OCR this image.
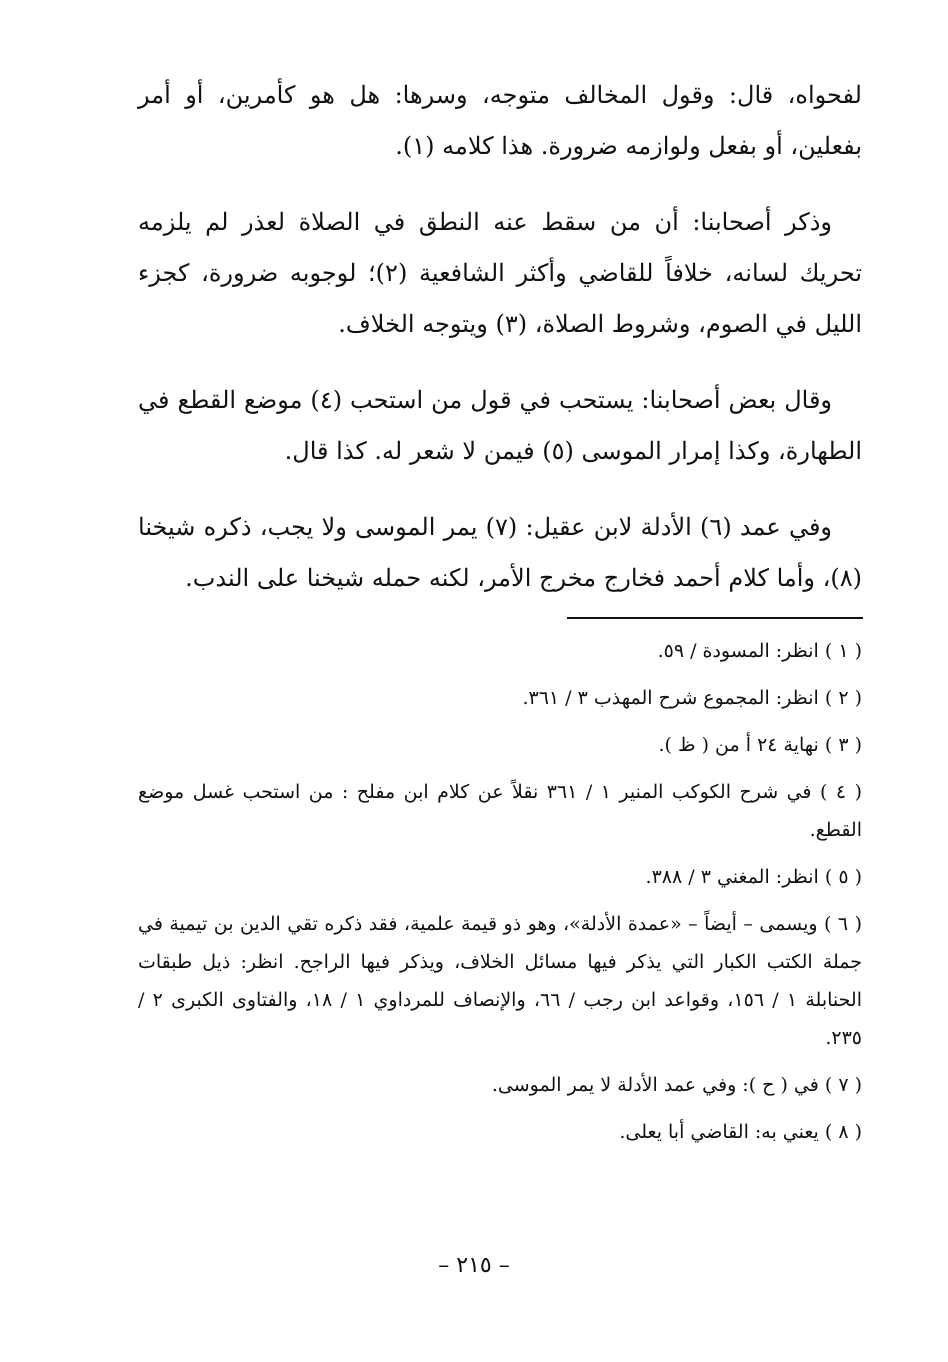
لفحواه، قال: وقول المخالف متوجه، وسرها: هل هو كأمرين، أو أمر بفعلين، أو بفعل ولوازمه ضرورة. هذا كلامه (١).

وذكر أصحابنا: أن من سقط عنه النطق في الصلاة لعذر لم يلزمه تحريك لسانه، خلافاً للقاضي وأكثر الشافعية (٢)؛ لوجوبه ضرورة، كجزء الليل في الصوم، وشروط الصلاة، (٣) ويتوجه الخلاف.

وقال بعض أصحابنا: يستحب في قول من استحب (٤) موضع القطع في الطهارة، وكذا إمرار الموسى (٥) فيمن لا شعر له. كذا قال.

وفي عمد (٦) الأدلة لابن عقيل: (٧) يمر الموسى ولا يجب، ذكره شيخنا (٨)، وأما كلام أحمد فخارج مخرج الأمر، لكنه حمله شيخنا على الندب.

( ١ ) انظر: المسودة / ٥٩.
( ٢ ) انظر: المجموع شرح المهذب ٣ / ٣٦١.
( ٣ ) نهاية ٢٤ أ من ( ظ ).
( ٤ ) في شرح الكوكب المنير ١ / ٣٦١ نقلاً عن كلام ابن مفلح : من استحب غسل موضع القطع.
( ٥ ) انظر: المغني ٣ / ٣٨٨.
( ٦ ) ويسمى – أيضاً – «عمدة الأدلة»، وهو ذو قيمة علمية، فقد ذكره تقي الدين بن تيمية في جملة الكتب الكبار التي يذكر فيها مسائل الخلاف، ويذكر فيها الراجح. انظر: ذيل طبقات الحنابلة ١ / ١٥٦، وقواعد ابن رجب / ٦٦، والإنصاف للمرداوي ١ / ١٨، والفتاوى الكبرى ٢ / ٢٣٥.
( ٧ ) في ( ح ): وفي عمد الأدلة لا يمر الموسى.
( ٨ ) يعني به: القاضي أبا يعلى.
– ٢١٥ –
